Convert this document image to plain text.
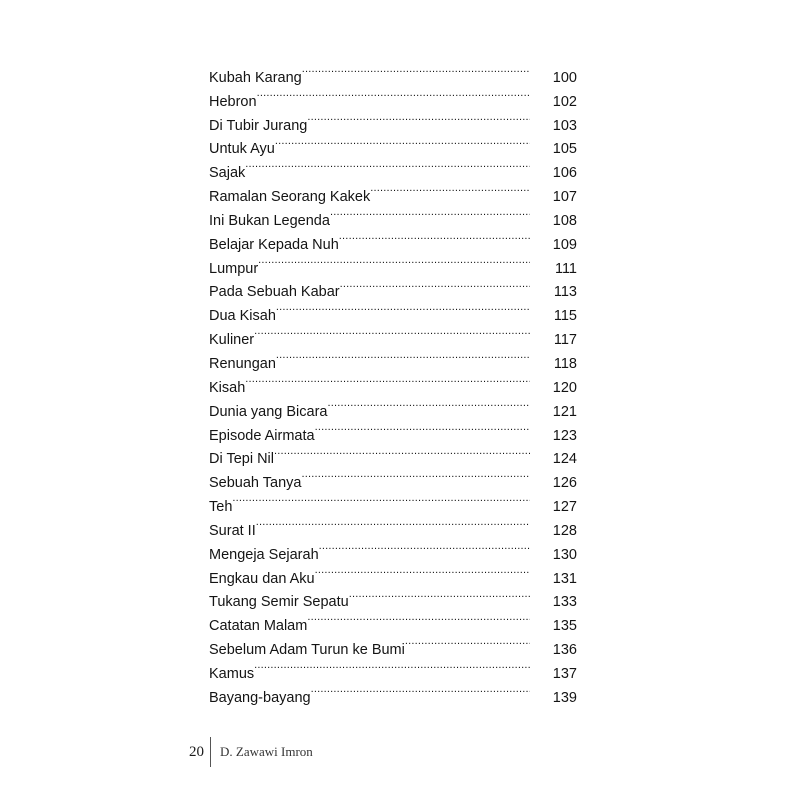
Kubah Karang .....	100
Hebron .....	102
Di Tubir Jurang .....	103
Untuk Ayu .....	105
Sajak .....	106
Ramalan Seorang Kakek .....	107
Ini Bukan Legenda .....	108
Belajar Kepada Nuh .....	109
Lumpur .....	111
Pada Sebuah Kabar .....	113
Dua Kisah .....	115
Kuliner .....	117
Renungan .....	118
Kisah .....	120
Dunia yang Bicara .....	121
Episode Airmata .....	123
Di Tepi Nil .....	124
Sebuah Tanya .....	126
Teh .....	127
Surat II .....	128
Mengeja Sejarah .....	130
Engkau dan Aku .....	131
Tukang Semir Sepatu .....	133
Catatan Malam .....	135
Sebelum Adam Turun ke Bumi .....	136
Kamus .....	137
Bayang-bayang .....	139
20	D. Zawawi Imron
